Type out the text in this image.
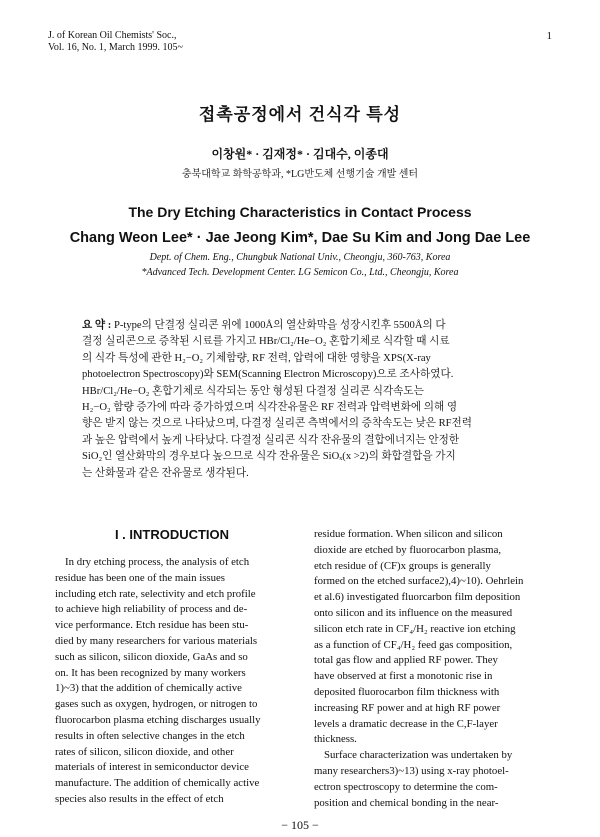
J. of Korean Oil Chemists' Soc.,
Vol. 16, No. 1, March 1999. 105~
1
접촉공정에서 건식각 특성
이창원* · 김재정* · 김대수, 이종대
충북대학교 화학공학과, *LG반도체 선행기술 개발 센터
The Dry Etching Characteristics in Contact Process
Chang Weon Lee* · Jae Jeong Kim*, Dae Su Kim and Jong Dae Lee
Dept. of Chem. Eng., Chungbuk National Univ., Cheongju, 360-763, Korea
*Advanced Tech. Development Center. LG Semicon Co., Ltd., Cheongju, Korea
요 약 : P-type의 단결정 실리콘 위에 1000Å의 열산화막을 성장시킨후 5500Å의 다
결정 실리콘으로 증착된 시료를 가지고 HBr/Cl₂/He−O₂ 혼합기체로 식각할 때 시료
의 식각 특성에 관한 H₂−O₂ 기체함량, RF 전력, 압력에 대한 영향을 XPS(X-ray
photoelectron Spectroscopy)와 SEM(Scanning Electron Microscopy)으로 조사하였다.
HBr/Cl₂/He−O₂ 혼합기체로 식각되는 동안 형성된 다결정 실리콘 식각속도는
H₂−O₂ 함량 증가에 따라 증가하였으며 식각잔유물은 RF 전력과 압력변화에 의해 영
향은 받지 않는 것으로 나타났으며, 다결정 실리콘 측벽에서의 증착속도는 낮은 RF전력
과 높은 압력에서 높게 나타났다. 다결정 실리콘 식각 잔유물의 결합에너지는 안정한
SiO₂인 열산화막의 경우보다 높으므로 식각 잔유물은 SiOₓ(x >2)의 화합결합을 가지
는 산화물과 같은 잔유물로 생각된다.
I . INTRODUCTION
In dry etching process, the analysis of etch
residue has been one of the main issues
including etch rate, selectivity and etch profile
to achieve high reliability of process and de-
vice performance. Etch residue has been stu-
died by many researchers for various materials
such as silicon, silicon dioxide, GaAs and so
on. It has been recognized by many workers
1)~3) that the addition of chemically active
gases such as oxygen, hydrogen, or nitrogen to
fluorocarbon plasma etching discharges usually
results in often selective changes in the etch
rates of silicon, silicon dioxide, and other
materials of interest in semiconductor device
manufacture. The addition of chemically active
species also results in the effect of etch
residue formation. When silicon and silicon
dioxide are etched by fluorocarbon plasma,
etch residue of (CF)x groups is generally
formed on the etched surface2),4)~10). Oehrlein
et al.6) investigated fluorcarbon film deposition
onto silicon and its influence on the measured
silicon etch rate in CF₄/H₂ reactive ion etching
as a function of CF₄/H₂ feed gas composition,
total gas flow and applied RF power. They
have observed at first a monotonic rise in
deposited fluorocarbon film thickness with
increasing RF power and at high RF power
levels a dramatic decrease in the C,F-layer
thickness.
Surface characterization was undertaken by
many researchers3)~13) using x-ray photoel-
ectron spectroscopy to determine the com-
position and chemical bonding in the near-
− 105 −
